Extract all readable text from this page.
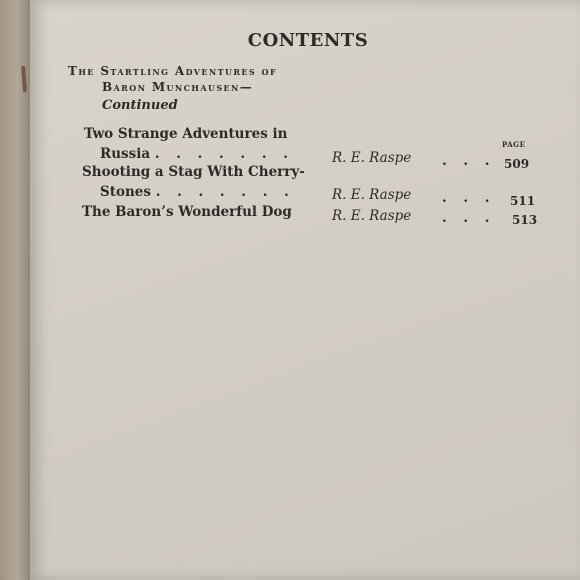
CONTENTS
The Startling Adventures of
Baron Munchausen—
Continued
PAGE
Two Strange Adventures in
Russia . . . . . . .	R. E. Raspe . . . 509
Shooting a Stag With Cherry-
Stones . . . . . . .	R. E. Raspe . . . 511
The Baron’s Wonderful Dog	R. E. Raspe . . . 513
